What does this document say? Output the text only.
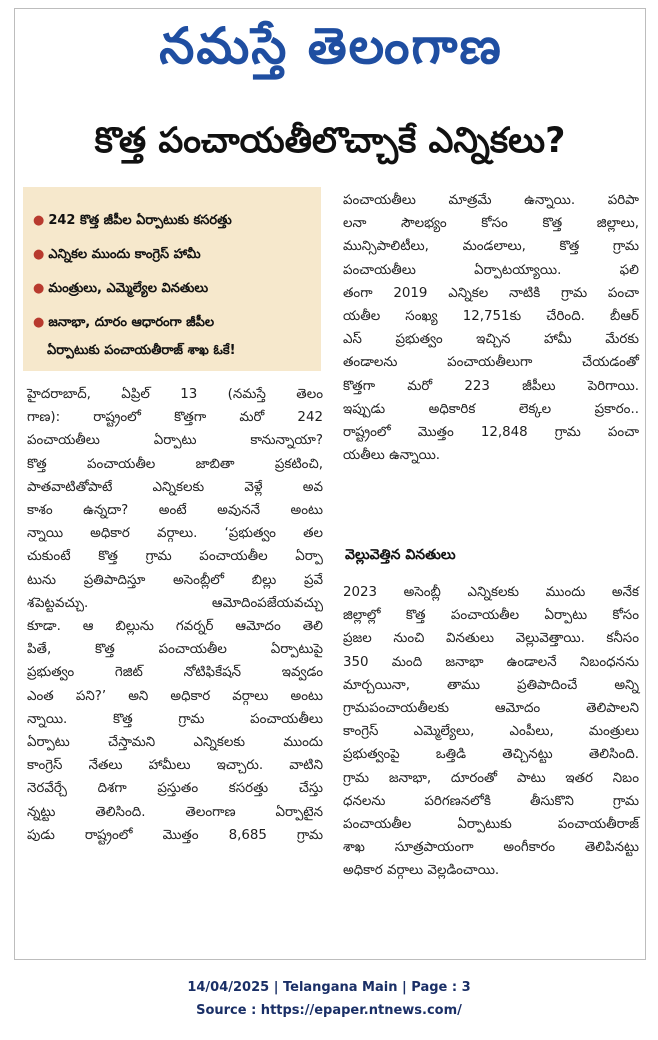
నమస్తే తెలంగాణ
కొత్త పంచాయతీలొచ్చాకే ఎన్నికలు?
● 242 కొత్త జీపీల ఏర్పాటుకు కసరత్తు
● ఎన్నికల ముందు కాంగ్రెస్‌ హామీ
● మంత్రులు, ఎమ్మెల్యేల వినతులు
● జనాభా, దూరం ఆధారంగా జీపీల
ఏర్పాటుకు పంచాయతీరాజ్‌ శాఖ ఓకే!

హైదరాబాద్‌, ఏప్రిల్‌ 13 (నమస్తే తెలం

గాణ): రాష్ట్రంలో కొత్తగా మరో 242

పంచాయతీలు ఏర్పాటు కానున్నాయా?

కొత్త పంచాయతీల జాబితా ప్రకటించి,

పాతవాటితోపాటే ఎన్నికలకు వెళ్లే అవ

కాశం ఉన్నదా? అంటే అవుననే అంటు

న్నాయి అధికార వర్గాలు. ‘ప్రభుత్వం తల

చుకుంటే కొత్త గ్రామ పంచాయతీల ఏర్పా

టును ప్రతిపాదిస్తూ అసెంబ్లీలో బిల్లు ప్రవే

శపెట్టవచ్చు. ఆమోదింపజేయవచ్చు

కూడా. ఆ బిల్లును గవర్నర్‌ ఆమోదం తెలి

పితే, కొత్త పంచాయతీల ఏర్పాటుపై

ప్రభుత్వం గెజిట్‌ నోటిఫికేషన్‌ ఇవ్వడం

ఎంత పని?’ అని అధికార వర్గాలు అంటు

న్నాయి. కొత్త గ్రామ పంచాయతీలు

ఏర్పాటు చేస్తామని ఎన్నికలకు ముందు

కాంగ్రెస్‌ నేతలు హామీలు ఇచ్చారు. వాటిని

నెరవేర్చే దిశగా ప్రస్తుతం కసరత్తు చేస్తు

న్నట్టు తెలిసింది. తెలంగాణ ఏర్పాటైన

పుడు రాష్ట్రంలో మొత్తం 8,685 గ్రామ

పంచాయతీలు మాత్రమే ఉన్నాయి. పరిపా

లనా సౌలభ్యం కోసం కొత్త జిల్లాలు,

మున్సిపాలిటీలు, మండలాలు, కొత్త గ్రామ

పంచాయతీలు ఏర్పాటయ్యాయి. ఫలి

తంగా 2019 ఎన్నికల నాటికి గ్రామ పంచా

యతీల సంఖ్య 12,751కు చేరింది. బీఆర్‌

ఎస్‌ ప్రభుత్వం ఇచ్చిన హామీ మేరకు

తండాలను పంచాయతీలుగా చేయడంతో

కొత్తగా మరో 223 జీపీలు పెరిగాయి.

ఇప్పుడు అధికారిక లెక్కల ప్రకారం..

రాష్ట్రంలో మొత్తం 12,848 గ్రామ పంచా

యతీలు ఉన్నాయి.

వెల్లువెత్తిన వినతులు

2023 అసెంబ్లీ ఎన్నికలకు ముందు అనేక

జిల్లాల్లో కొత్త పంచాయతీల ఏర్పాటు కోసం

ప్రజల నుంచి వినతులు వెల్లువెత్తాయి. కనీసం

350 మంది జనాభా ఉండాలనే నిబంధనను

మార్చయినా, తాము ప్రతిపాదించే అన్ని

గ్రామపంచాయతీలకు ఆమోదం తెలిపాలని

కాంగ్రెస్‌ ఎమ్మెల్యేలు, ఎంపీలు, మంత్రులు

ప్రభుత్వంపై ఒత్తిడి తెచ్చినట్టు తెలిసింది.

గ్రామ జనాభా, దూరంతో పాటు ఇతర నిబం

ధనలను పరిగణనలోకి తీసుకొని గ్రామ

పంచాయతీల ఏర్పాటుకు పంచాయతీరాజ్‌

శాఖ సూత్రపాయంగా అంగీకారం తెలిపినట్టు

అధికార వర్గాలు వెల్లడించాయి.

14/04/2025 | Telangana Main | Page : 3
Source : https://epaper.ntnews.com/
